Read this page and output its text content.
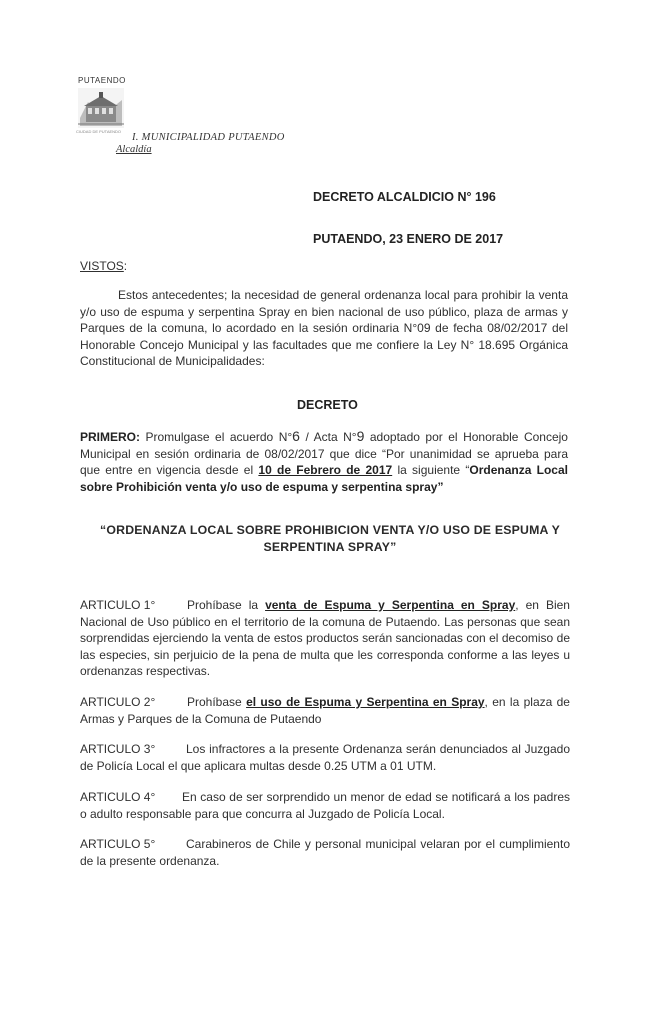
PUTAENDO
CIUDAD DE PUTAENDO
I. MUNICIPALIDAD PUTAENDO
Alcaldía
DECRETO ALCALDICIO N° 196
PUTAENDO, 23 ENERO DE 2017
VISTOS:
Estos antecedentes; la necesidad de general ordenanza local para prohibir la venta y/o uso de espuma y serpentina Spray en bien nacional de uso público, plaza de armas y Parques de la comuna, lo acordado en la sesión ordinaria N°09 de fecha 08/02/2017 del Honorable Concejo Municipal y las facultades que me confiere la Ley N° 18.695 Orgánica Constitucional de Municipalidades:
DECRETO
PRIMERO: Promulgase el acuerdo N°6 / Acta N°9 adoptado por el Honorable Concejo Municipal en sesión ordinaria de 08/02/2017 que dice “Por unanimidad se aprueba para que entre en vigencia desde el 10 de Febrero de 2017 la siguiente “Ordenanza Local sobre Prohibición venta y/o uso de espuma y serpentina spray”
“ORDENANZA LOCAL SOBRE PROHIBICION VENTA Y/O USO DE ESPUMA Y
SERPENTINA SPRAY”
ARTICULO 1°	Prohíbase la venta de Espuma y Serpentina en Spray, en Bien Nacional de Uso público en el territorio de la comuna de Putaendo. Las personas que sean sorprendidas ejerciendo la venta de estos productos serán sancionadas con el decomiso de las especies, sin perjuicio de la pena de multa que les corresponda conforme a las leyes u ordenanzas respectivas.
ARTICULO 2°	Prohíbase el uso de Espuma y Serpentina en Spray, en la plaza de Armas y Parques de la Comuna de Putaendo
ARTICULO 3°	Los infractores a la presente Ordenanza serán denunciados al Juzgado de Policía Local el que aplicara multas desde 0.25 UTM a 01 UTM.
ARTICULO 4° En caso de ser sorprendido un menor de edad se notificará a los padres o adulto responsable para que concurra al Juzgado de Policía Local.
ARTICULO 5°	Carabineros de Chile y personal municipal velaran por el cumplimiento de la presente ordenanza.
